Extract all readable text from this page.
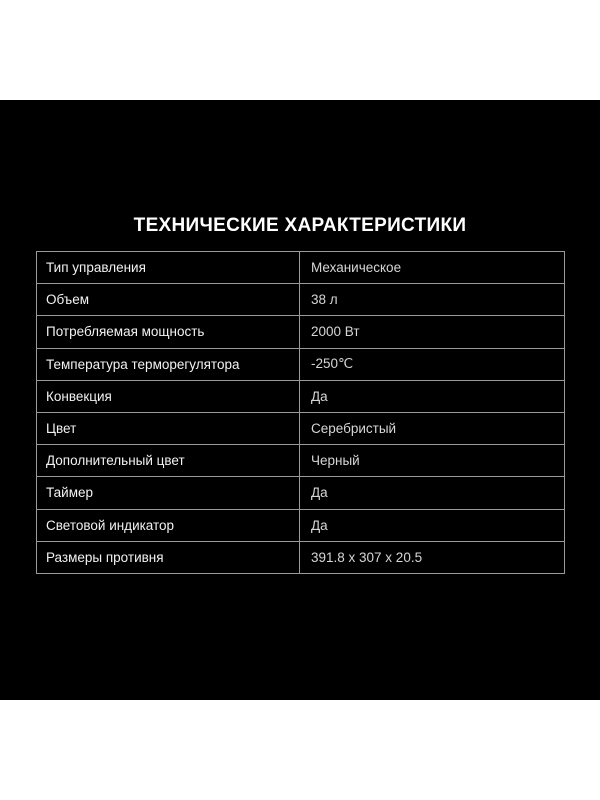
ТЕХНИЧЕСКИЕ ХАРАКТЕРИСТИКИ
Тип управления	Механическое
Объем	38 л
Потребляемая мощность	2000 Вт
Температура терморегулятора	-250℃
Конвекция	Да
Цвет	Серебристый
Дополнительный цвет	Черный
Таймер	Да
Световой индикатор	Да
Размеры противня	391.8 x 307 x 20.5
